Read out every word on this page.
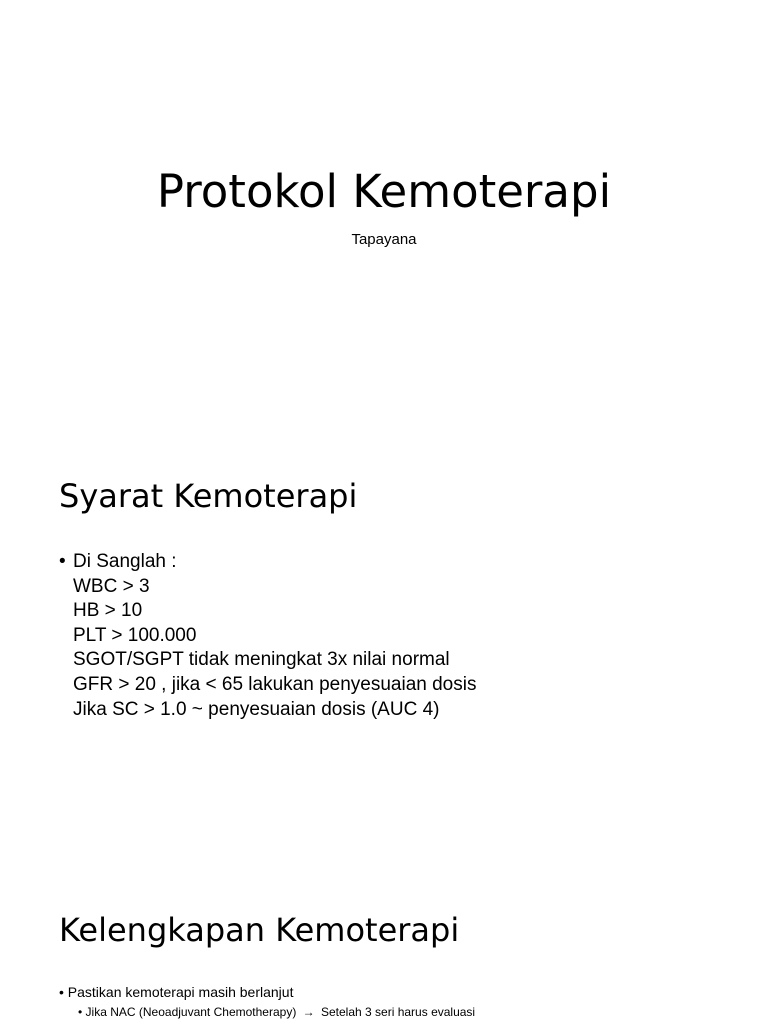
Protokol Kemoterapi
Tapayana
Syarat Kemoterapi
• Di Sanglah :
WBC > 3
HB > 10
PLT > 100.000
SGOT/SGPT tidak meningkat 3x nilai normal
GFR > 20 , jika < 65 lakukan penyesuaian dosis
Jika SC > 1.0 ~ penyesuaian dosis (AUC 4)
Kelengkapan Kemoterapi
• Pastikan kemoterapi masih berlanjut
• Jika NAC (Neoadjuvant Chemotherapy) → Setelah 3 seri harus evaluasi
